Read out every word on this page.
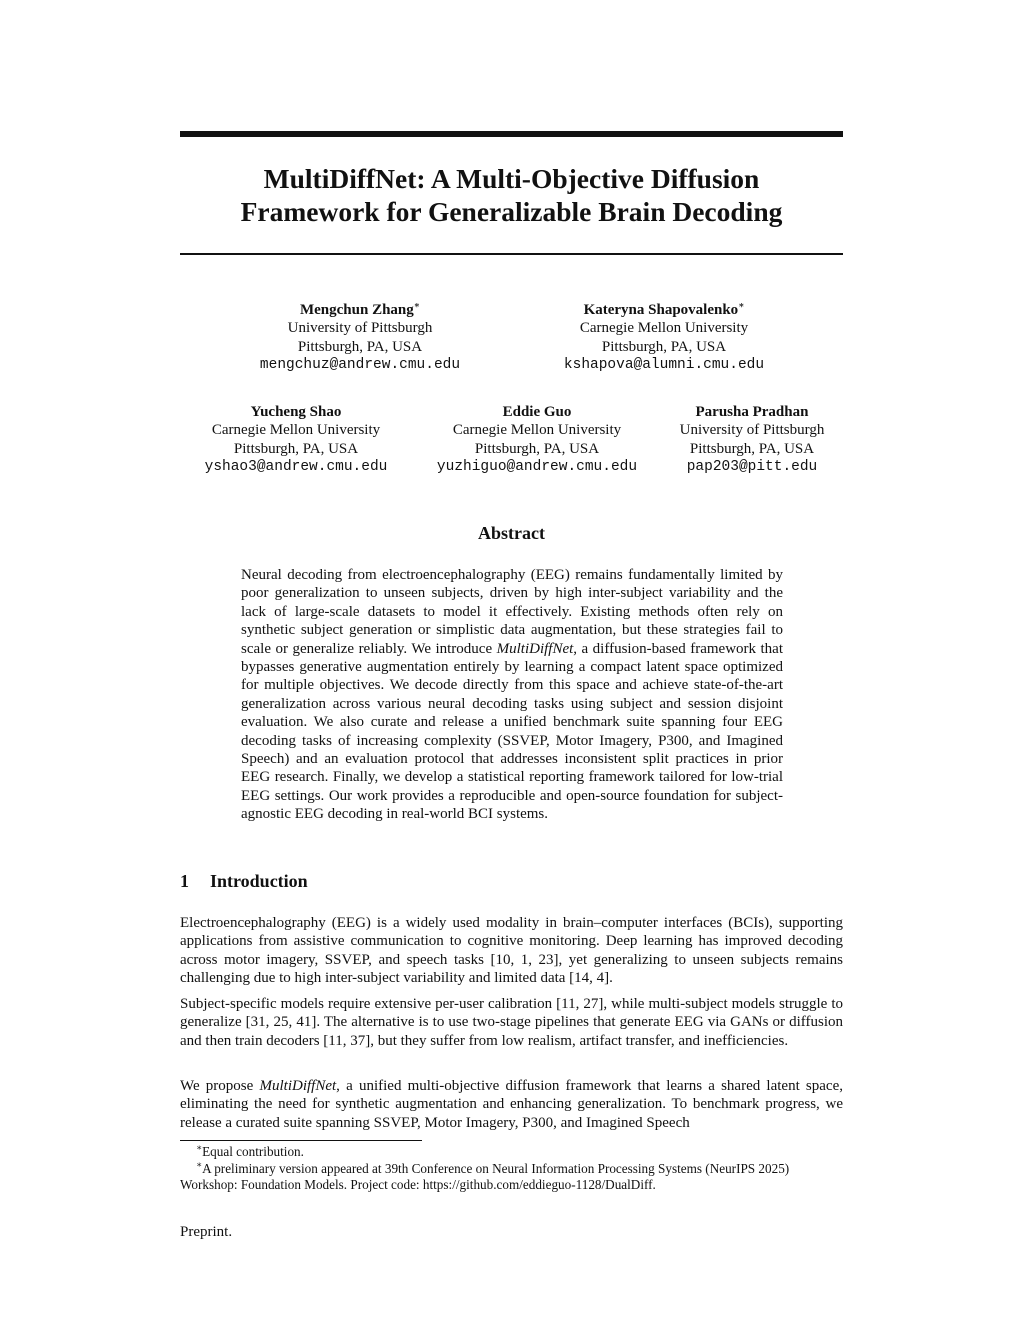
MultiDiffNet: A Multi-Objective Diffusion
Framework for Generalizable Brain Decoding
Mengchun Zhang∗
University of Pittsburgh
Pittsburgh, PA, USA
mengchuz@andrew.cmu.edu
Kateryna Shapovalenko∗
Carnegie Mellon University
Pittsburgh, PA, USA
kshapova@alumni.cmu.edu
Yucheng Shao
Carnegie Mellon University
Pittsburgh, PA, USA
yshao3@andrew.cmu.edu
Eddie Guo
Carnegie Mellon University
Pittsburgh, PA, USA
yuzhiguo@andrew.cmu.edu
Parusha Pradhan
University of Pittsburgh
Pittsburgh, PA, USA
pap203@pitt.edu
Abstract
Neural decoding from electroencephalography (EEG) remains fundamentally limited by poor generalization to unseen subjects, driven by high inter-subject variability and the lack of large-scale datasets to model it effectively. Existing methods often rely on synthetic subject generation or simplistic data augmentation, but these strategies fail to scale or generalize reliably. We introduce MultiDiffNet, a diffusion-based framework that bypasses generative augmentation entirely by learning a compact latent space optimized for multiple objectives. We decode directly from this space and achieve state-of-the-art generalization across various neural decoding tasks using subject and session disjoint evaluation. We also curate and release a unified benchmark suite spanning four EEG decoding tasks of increasing complexity (SSVEP, Motor Imagery, P300, and Imagined Speech) and an evaluation protocol that addresses inconsistent split practices in prior EEG research. Finally, we develop a statistical reporting framework tailored for low-trial EEG settings. Our work provides a reproducible and open-source foundation for subject-agnostic EEG decoding in real-world BCI systems.
1 Introduction
Electroencephalography (EEG) is a widely used modality in brain–computer interfaces (BCIs), supporting applications from assistive communication to cognitive monitoring. Deep learning has improved decoding across motor imagery, SSVEP, and speech tasks [10, 1, 23], yet generalizing to unseen subjects remains challenging due to high inter-subject variability and limited data [14, 4].
Subject-specific models require extensive per-user calibration [11, 27], while multi-subject models struggle to generalize [31, 25, 41]. The alternative is to use two-stage pipelines that generate EEG via GANs or diffusion and then train decoders [11, 37], but they suffer from low realism, artifact transfer, and inefficiencies.
We propose MultiDiffNet, a unified multi-objective diffusion framework that learns a shared latent space, eliminating the need for synthetic augmentation and enhancing generalization. To benchmark progress, we release a curated suite spanning SSVEP, Motor Imagery, P300, and Imagined Speech
∗Equal contribution.
∗A preliminary version appeared at 39th Conference on Neural Information Processing Systems (NeurIPS 2025) Workshop: Foundation Models. Project code: https://github.com/eddieguo-1128/DualDiff.
Preprint.
